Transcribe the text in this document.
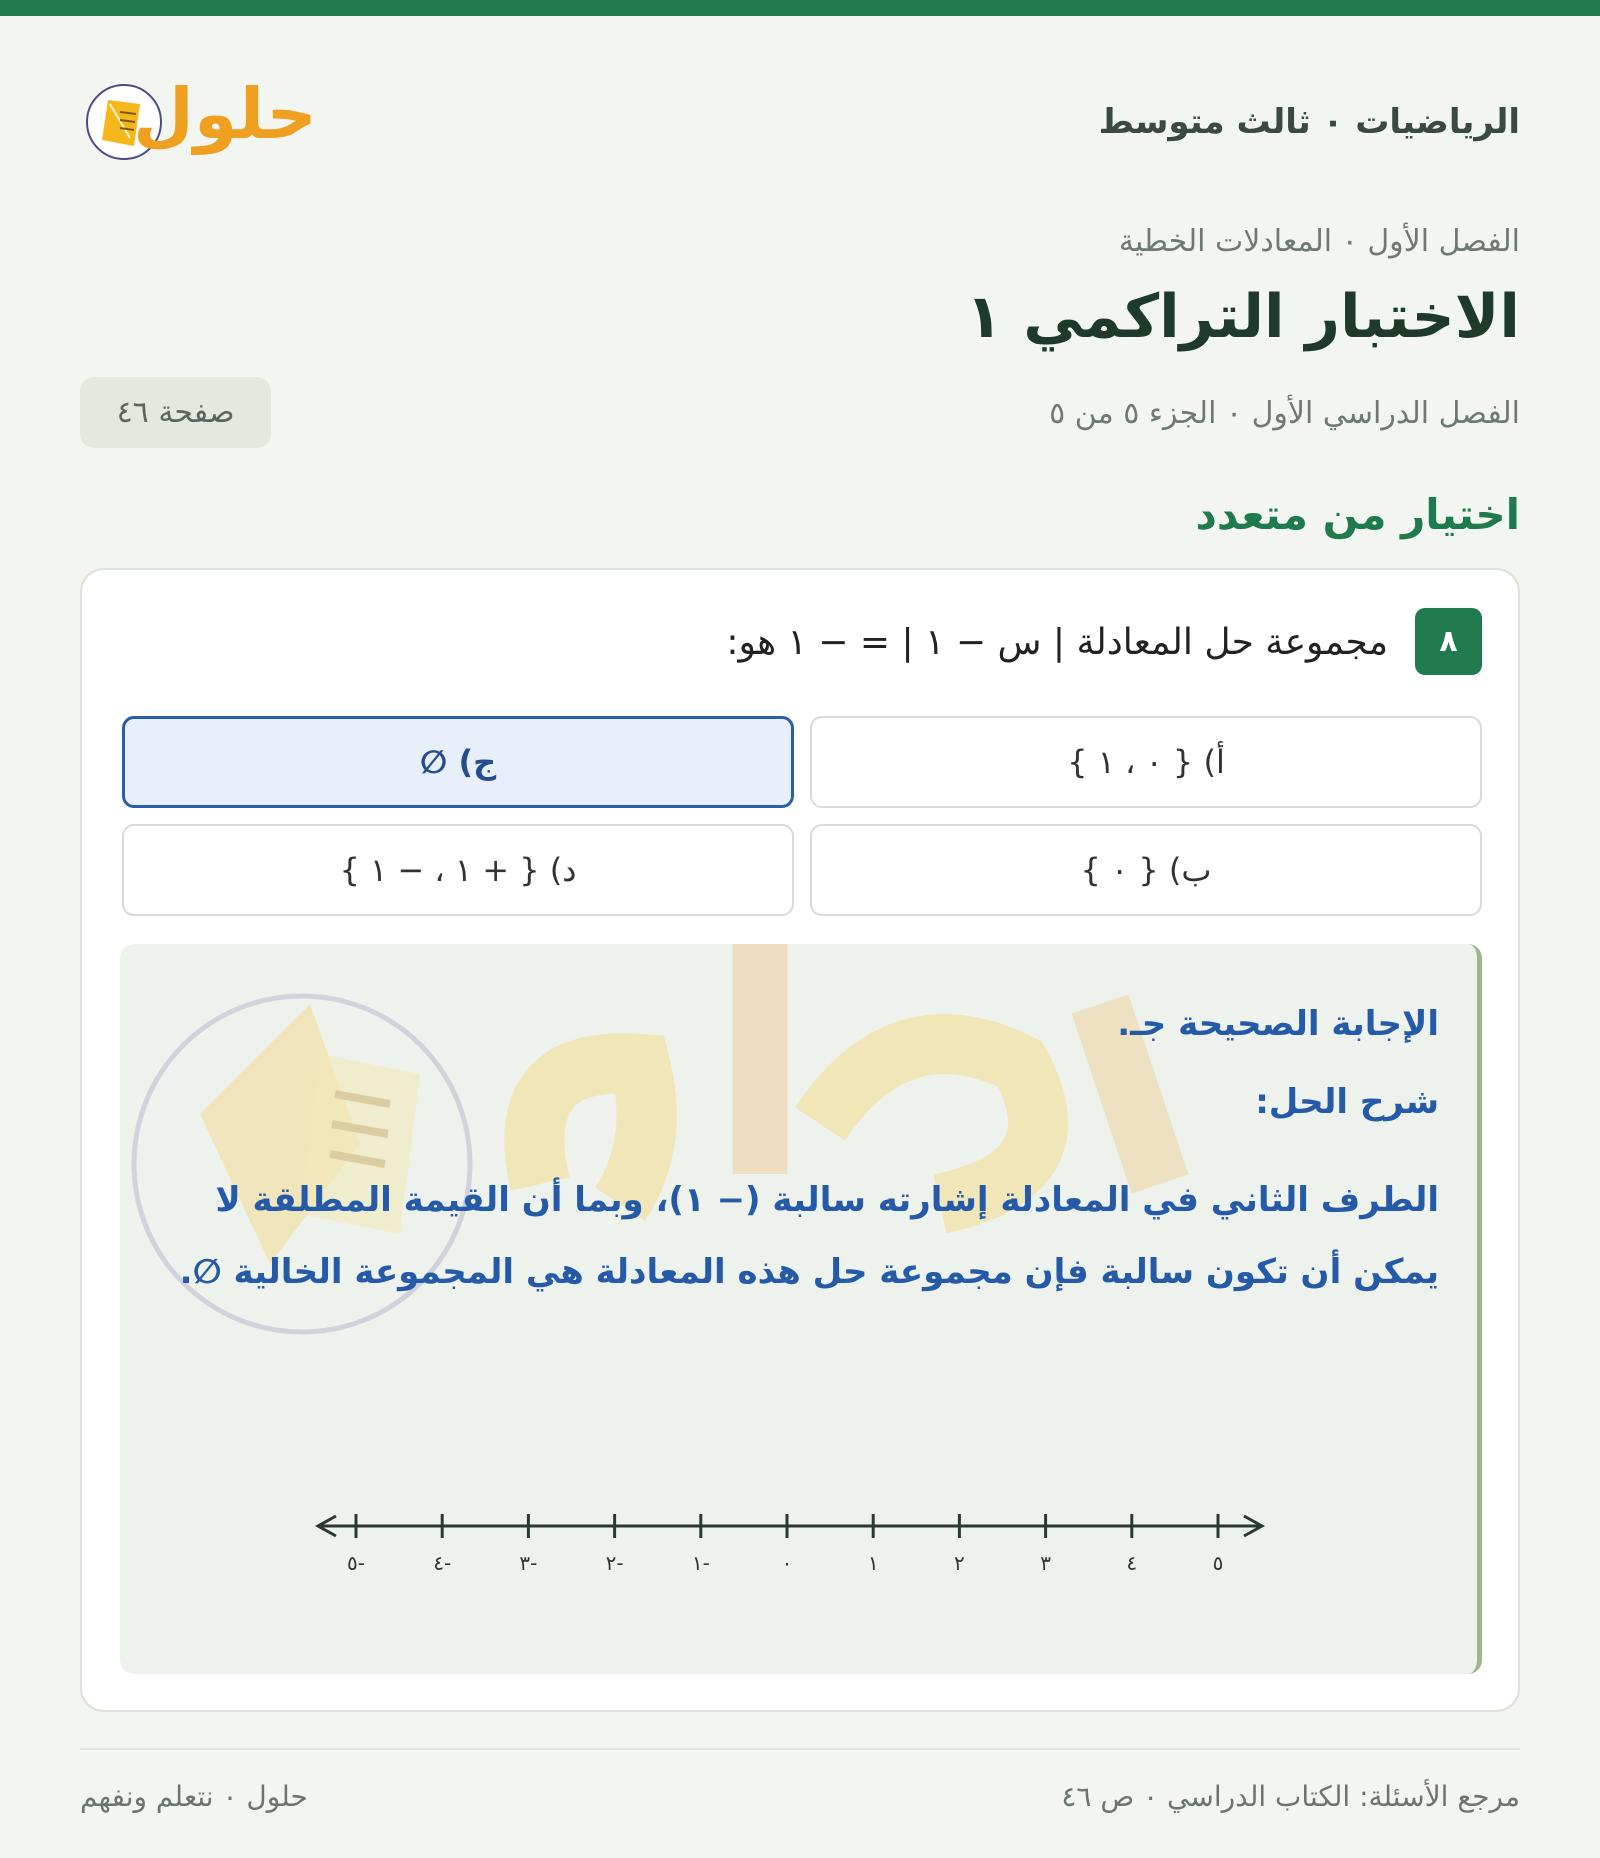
الرياضيات ٠ ثالث متوسط
حلول
الفصل الأول ٠ المعادلات الخطية
الاختبار التراكمي ١
الفصل الدراسي الأول ٠ الجزء ٥ من ٥
صفحة ٤٦
اختيار من متعدد
٨
مجموعة حل المعادلة | س − ١ | = − ١ هو:
أ) { ٠ ، ١ }
ج) ∅
ب) { ٠ }
د) { + ١ ، − ١ }

الإجابة الصحيحة جـ.

شرح الحل:

الطرف الثاني في المعادلة إشارته سالبة (− ١)، وبما أن القيمة المطلقة لا يمكن أن تكون سالبة فإن مجموعة حل هذه المعادلة هي المجموعة الخالية ∅.

-٥	-٤	-٣	-٢	-١	٠	١	٢	٣	٤	٥
مرجع الأسئلة: الكتاب الدراسي ٠ ص ٤٦
حلول ٠ نتعلم ونفهم
